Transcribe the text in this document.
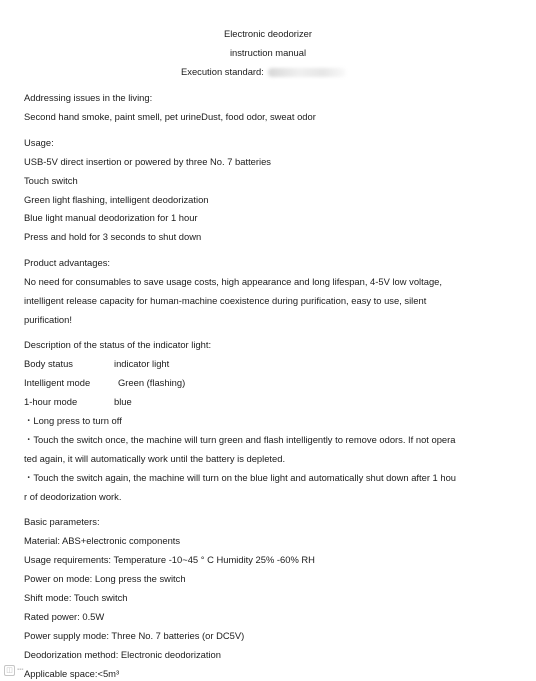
Electronic deodorizer
instruction manual
Execution standard:
Addressing issues in the living:
Second hand smoke, paint smell, pet urineDust, food odor, sweat odor
Usage:
USB-5V direct insertion or powered by three No. 7 batteries
Touch switch
Green light flashing, intelligent deodorization
Blue light manual deodorization for 1 hour
Press and hold for 3 seconds to shut down
Product advantages:
No need for consumables to save usage costs, high appearance and long lifespan, 4-5V low voltage,
intelligent release capacity for human-machine coexistence during purification, easy to use, silent
purification!
Description of the status of the indicator light:
Body status	indicator light
Intelligent mode	Green (flashing)
1-hour mode	blue
・Long press to turn off
・Touch the switch once, the machine will turn green and flash intelligently to remove odors. If not opera
ted again, it will automatically work until the battery is depleted.
・Touch the switch again, the machine will turn on the blue light and automatically shut down after 1 hou
r of deodorization work.
Basic parameters:
Material: ABS+electronic components
Usage requirements: Temperature -10~45 ° C Humidity 25% -60% RH
Power on mode: Long press the switch
Shift mode: Touch switch
Rated power: 0.5W
Power supply mode: Three No. 7 batteries (or DC5V)
Deodorization method: Electronic deodorization
Applicable space:<5m³
◫ ▪▪▪
